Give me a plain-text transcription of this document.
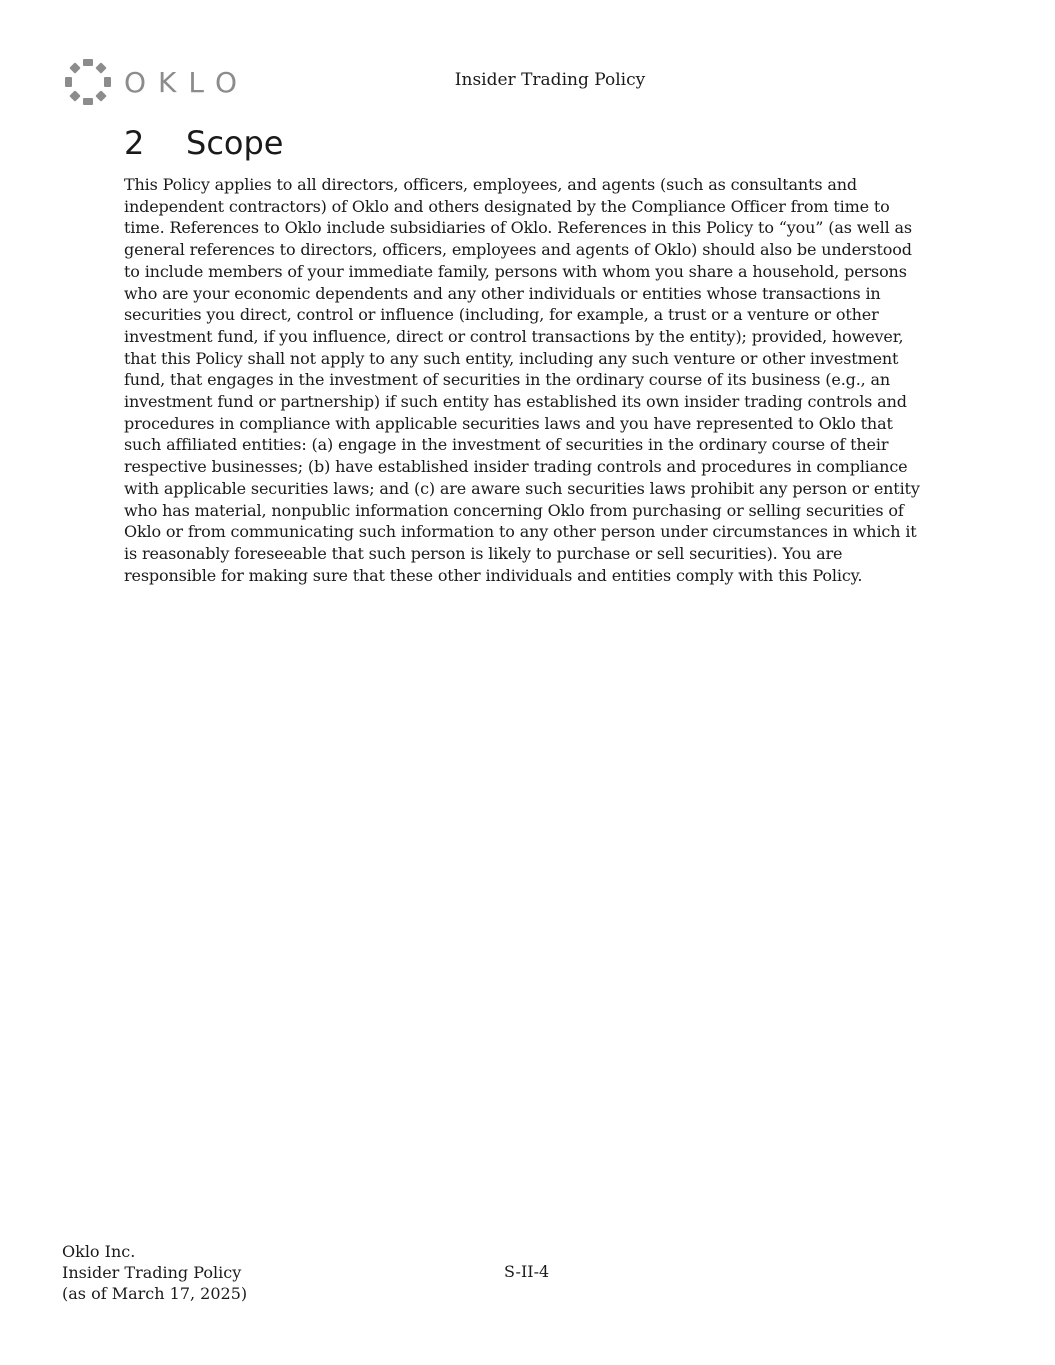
OKLO	Insider Trading Policy
2 Scope

This Policy applies to all directors, officers, employees, and agents (such as consultants and independent contractors) of Oklo and others designated by the Compliance Officer from time to time. References to Oklo include subsidiaries of Oklo. References in this Policy to “you” (as well as general references to directors, officers, employees and agents of Oklo) should also be understood to include members of your immediate family, persons with whom you share a household, persons who are your economic dependents and any other individuals or entities whose transactions in securities you direct, control or influence (including, for example, a trust or a venture or other investment fund, if you influence, direct or control transactions by the entity); provided, however, that this Policy shall not apply to any such entity, including any such venture or other investment fund, that engages in the investment of securities in the ordinary course of its business (e.g., an investment fund or partnership) if such entity has established its own insider trading controls and procedures in compliance with applicable securities laws and you have represented to Oklo that such affiliated entities: (a) engage in the investment of securities in the ordinary course of their respective businesses; (b) have established insider trading controls and procedures in compliance with applicable securities laws; and (c) are aware such securities laws prohibit any person or entity who has material, nonpublic information concerning Oklo from purchasing or selling securities of Oklo or from communicating such information to any other person under circumstances in which it is reasonably foreseeable that such person is likely to purchase or sell securities). You are responsible for making sure that these other individuals and entities comply with this Policy.

Oklo Inc.
Insider Trading Policy
(as of March 17, 2025)
S-II-4
